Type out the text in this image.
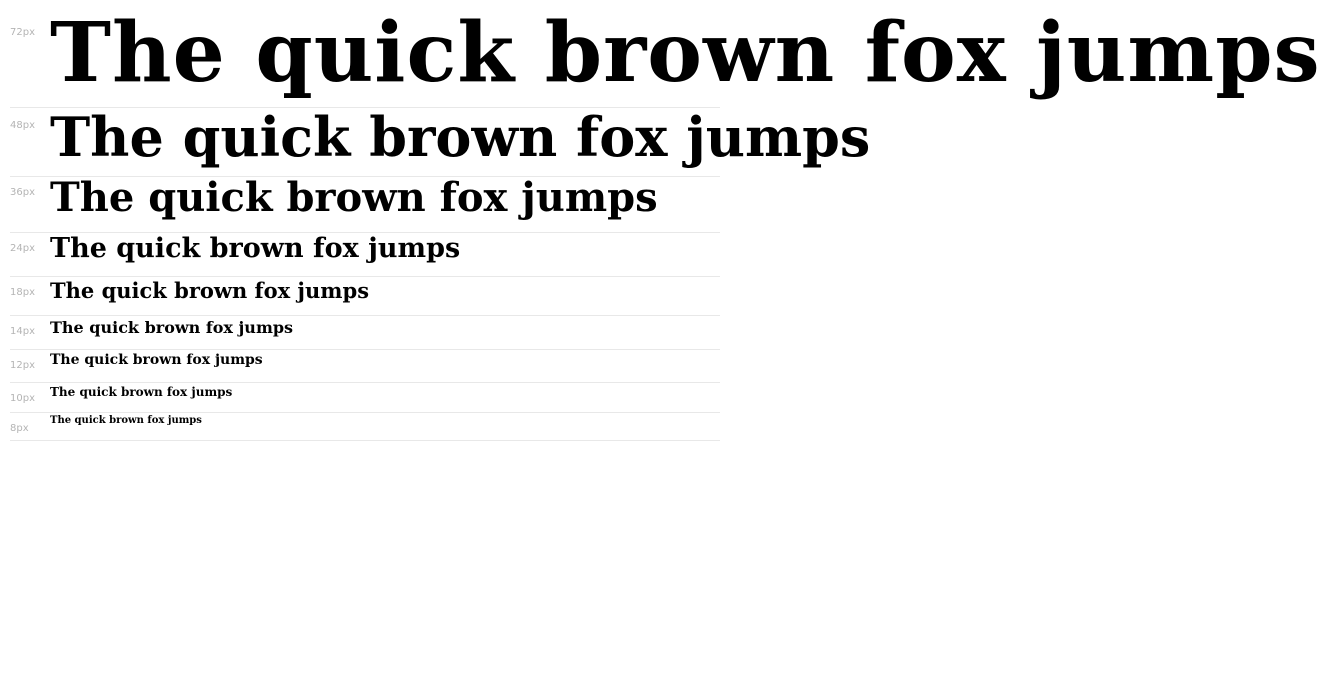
72px The quick brown fox jumps
48px The quick brown fox jumps
36px The quick brown fox jumps
24px The quick brown fox jumps
18px The quick brown fox jumps
14px The quick brown fox jumps
12px The quick brown fox jumps
10px The quick brown fox jumps
8px
The quick brown fox jumps
